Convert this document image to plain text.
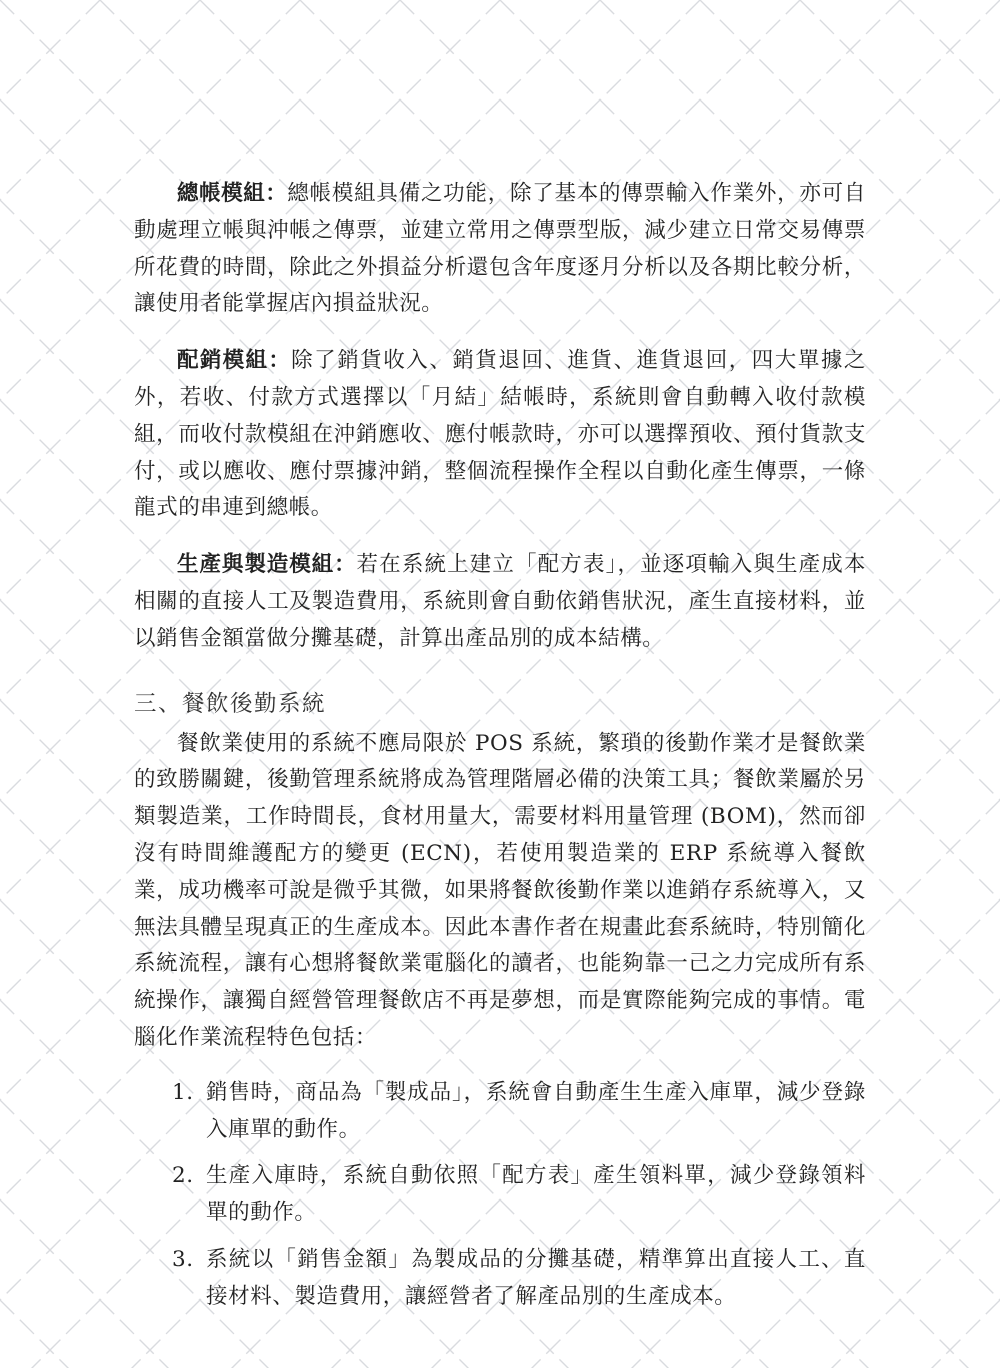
總帳模組：總帳模組具備之功能，除了基本的傳票輸入作業外，亦可自動處理立帳與沖帳之傳票，並建立常用之傳票型版，減少建立日常交易傳票所花費的時間，除此之外損益分析還包含年度逐月分析以及各期比較分析，讓使用者能掌握店內損益狀況。

配銷模組：除了銷貨收入、銷貨退回、進貨、進貨退回，四大單據之外，若收、付款方式選擇以「月結」結帳時，系統則會自動轉入收付款模組，而收付款模組在沖銷應收、應付帳款時，亦可以選擇預收、預付貨款支付，或以應收、應付票據沖銷，整個流程操作全程以自動化產生傳票，一條龍式的串連到總帳。

生產與製造模組：若在系統上建立「配方表」，並逐項輸入與生產成本相關的直接人工及製造費用，系統則會自動依銷售狀況，產生直接材料，並以銷售金額當做分攤基礎，計算出產品別的成本結構。

三、餐飲後勤系統

餐飲業使用的系統不應局限於 POS 系統，繁瑣的後勤作業才是餐飲業的致勝關鍵，後勤管理系統將成為管理階層必備的決策工具；餐飲業屬於另類製造業，工作時間長，食材用量大，需要材料用量管理 (BOM)，然而卻沒有時間維護配方的變更 (ECN)，若使用製造業的 ERP 系統導入餐飲業，成功機率可說是微乎其微，如果將餐飲後勤作業以進銷存系統導入，又無法具體呈現真正的生產成本。因此本書作者在規畫此套系統時，特別簡化系統流程，讓有心想將餐飲業電腦化的讀者，也能夠靠一己之力完成所有系統操作，讓獨自經營管理餐飲店不再是夢想，而是實際能夠完成的事情。電腦化作業流程特色包括：

1. 銷售時，商品為「製成品」，系統會自動產生生產入庫單，減少登錄入庫單的動作。
2. 生產入庫時，系統自動依照「配方表」產生領料單，減少登錄領料單的動作。
3. 系統以「銷售金額」為製成品的分攤基礎，精準算出直接人工、直接材料、製造費用，讓經營者了解產品別的生產成本。
